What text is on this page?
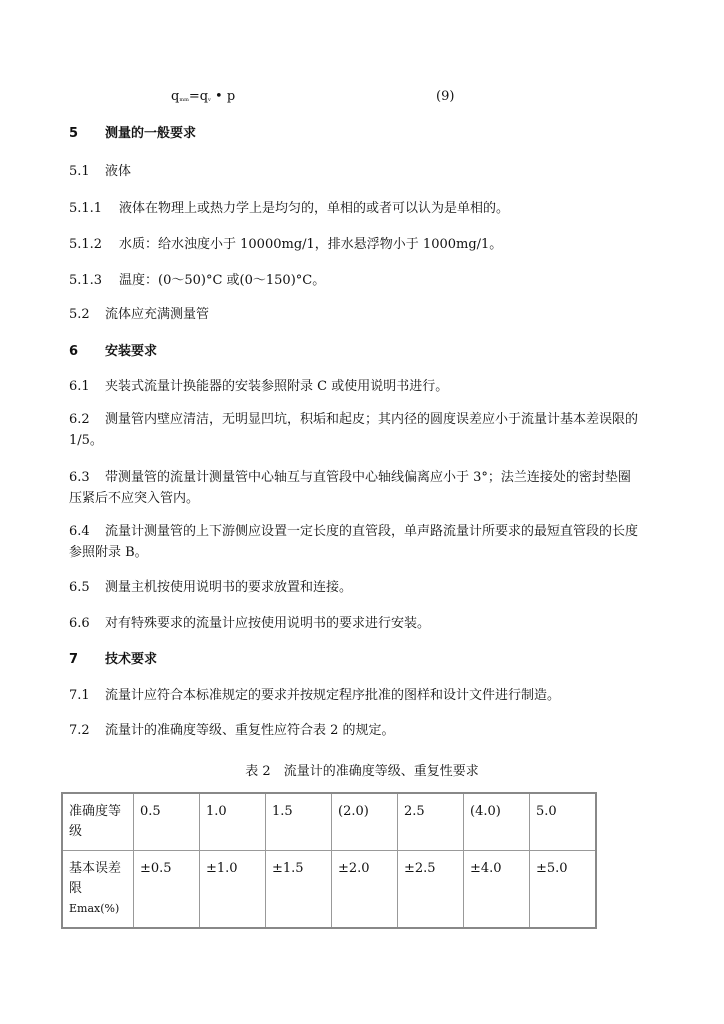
$q_{mm}=q_v$ • p	(9)
5 测量的一般要求
5.1 液体
5.1.1 液体在物理上或热力学上是均匀的，单相的或者可以认为是单相的。
5.1.2 水质：给水浊度小于 10000mg/1，排水悬浮物小于 1000mg/1。
5.1.3 温度：(0～50)°C 或(0～150)°C。
5.2 流体应充满测量管
6 安装要求
6.1 夹装式流量计换能器的安装参照附录 C 或使用说明书进行。
6.2 测量管内壁应清洁，无明显凹坑，积垢和起皮；其内径的圆度误差应小于流量计基本差误限的 1/5。
6.3 带测量管的流量计测量管中心轴互与直管段中心轴线偏离应小于 3°；法兰连接处的密封垫圈压紧后不应突入管内。
6.4 流量计测量管的上下游侧应设置一定长度的直管段，单声路流量计所要求的最短直管段的长度参照附录 B。
6.5 测量主机按使用说明书的要求放置和连接。
6.6 对有特殊要求的流量计应按使用说明书的要求进行安装。
7 技术要求
7.1 流量计应符合本标准规定的要求并按规定程序批准的图样和设计文件进行制造。
7.2 流量计的准确度等级、重复性应符合表 2 的规定。
表 2　流量计的准确度等级、重复性要求
准确度等级	0.5	1.0	1.5	(2.0)	2.5	(4.0)	5.0

基本误差限
Emax(%)	±0.5	±1.0	±1.5	±2.0	±2.5	±4.0	±5.0
